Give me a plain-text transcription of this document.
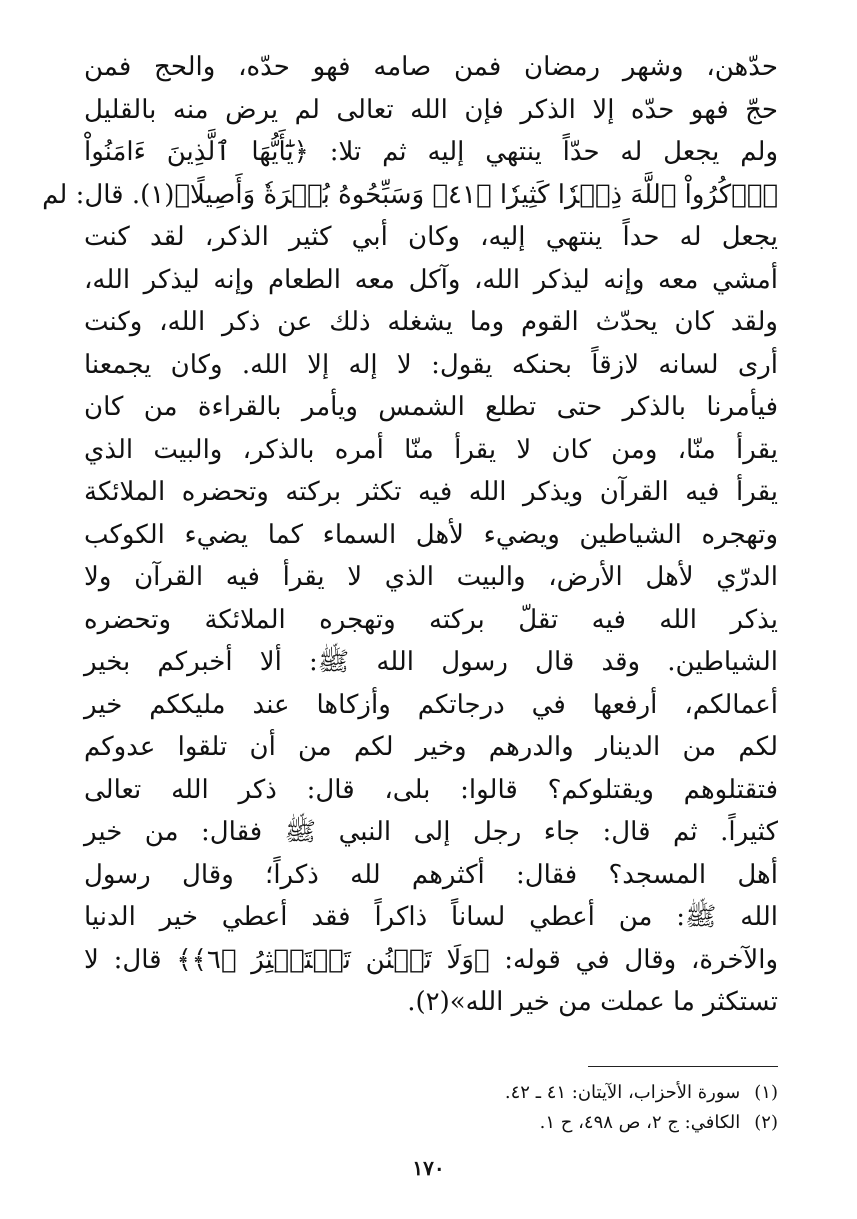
حدّهن، وشهر رمضان فمن صامه فهو حدّه، والحج فمن
حجّ فهو حدّه إلا الذكر فإن الله تعالى لم يرض منه بالقليل
ولم يجعل له حدّاً ينتهي إليه ثم تلا: ﴿يَٰٓأَيُّهَا ٱلَّذِينَ ءَامَنُواْ
ٱذۡكُرُواْ ٱللَّهَ ذِكۡرٗا كَثِيرٗا ﴿٤١﴾ وَسَبِّحُوهُ بُكۡرَةٗ وَأَصِيلًا﴾(١). قال: لم
يجعل له حداً ينتهي إليه، وكان أبي كثير الذكر، لقد كنت
أمشي معه وإنه ليذكر الله، وآكل معه الطعام وإنه ليذكر الله،
ولقد كان يحدّث القوم وما يشغله ذلك عن ذكر الله، وكنت
أرى لسانه لازقاً بحنكه يقول: لا إله إلا الله. وكان يجمعنا
فيأمرنا بالذكر حتى تطلع الشمس ويأمر بالقراءة من كان
يقرأ منّا، ومن كان لا يقرأ منّا أمره بالذكر، والبيت الذي
يقرأ فيه القرآن ويذكر الله فيه تكثر بركته وتحضره الملائكة
وتهجره الشياطين ويضيء لأهل السماء كما يضيء الكوكب
الدرّي لأهل الأرض، والبيت الذي لا يقرأ فيه القرآن ولا
يذكر الله فيه تقلّ بركته وتهجره الملائكة وتحضره
الشياطين. وقد قال رسول الله ﷺ: ألا أخبركم بخير
أعمالكم، أرفعها في درجاتكم وأزكاها عند مليككم خير
لكم من الدينار والدرهم وخير لكم من أن تلقوا عدوكم
فتقتلوهم ويقتلوكم؟ قالوا: بلى، قال: ذكر الله تعالى
كثيراً. ثم قال: جاء رجل إلى النبي ﷺ فقال: من خير
أهل المسجد؟ فقال: أكثرهم لله ذكراً؛ وقال رسول
الله ﷺ: من أعطي لساناً ذاكراً فقد أعطي خير الدنيا
والآخرة، وقال في قوله: ﴿وَلَا تَمۡنُن تَسۡتَكۡثِرُ ﴿٦﴾﴾ قال: لا
تستكثر ما عملت من خير الله»(٢).
(١)سورة الأحزاب، الآيتان: ٤١ ـ ٤٢.
(٢)الكافي: ج ٢، ص ٤٩٨، ح ١.
١٧٠
